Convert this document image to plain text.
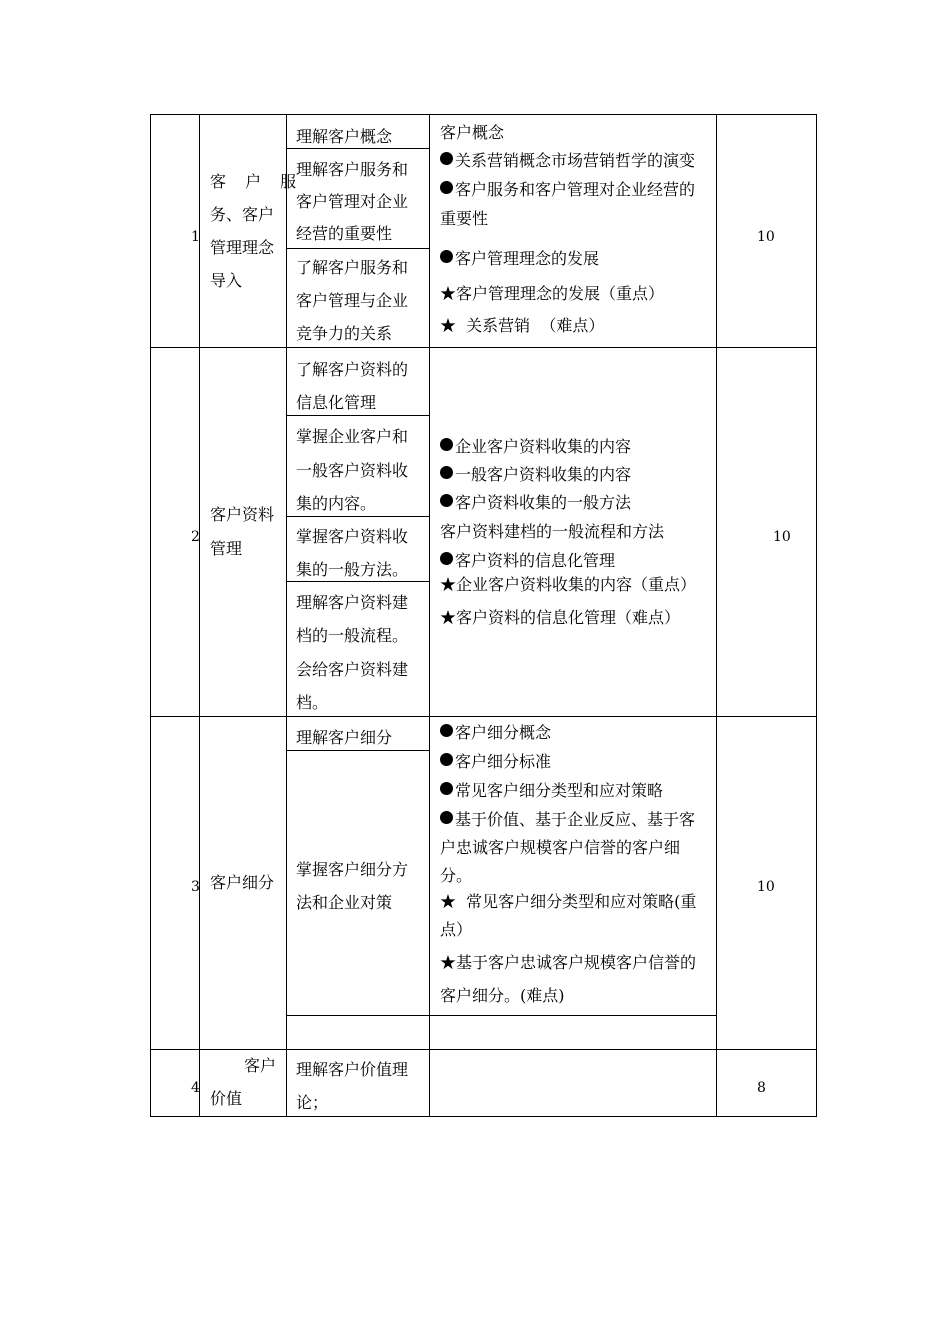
1
客 户 服
务、客户
管理理念
导入
理解客户概念
理解客户服务和
客户管理对企业
经营的重要性
了解客户服务和
客户管理与企业
竞争力的关系
客户概念
关系营销概念市场营销哲学的演变
客户服务和客户管理对企业经营的
重要性
客户管理理念的发展
★客户管理理念的发展（重点）
★  关系营销  （难点）
10
2
客户资料
管理
了解客户资料的
信息化管理
掌握企业客户和
一般客户资料收
集的内容。
掌握客户资料收
集的一般方法。
理解客户资料建
档的一般流程。
会给客户资料建
档。
企业客户资料收集的内容
一般客户资料收集的内容
客户资料收集的一般方法
客户资料建档的一般流程和方法
客户资料的信息化管理
★企业客户资料收集的内容（重点）
★客户资料的信息化管理（难点）
10
3 客户细分
理解客户细分
掌握客户细分方
法和企业对策
客户细分概念
客户细分标准
常见客户细分类型和应对策略
基于价值、基于企业反应、基于客
户忠诚客户规模客户信誉的客户细
分。
★  常见客户细分类型和应对策略(重
点）
★基于客户忠诚客户规模客户信誉的
客户细分。(难点)
10
4
客户
价值
理解客户价值理
论；
8
